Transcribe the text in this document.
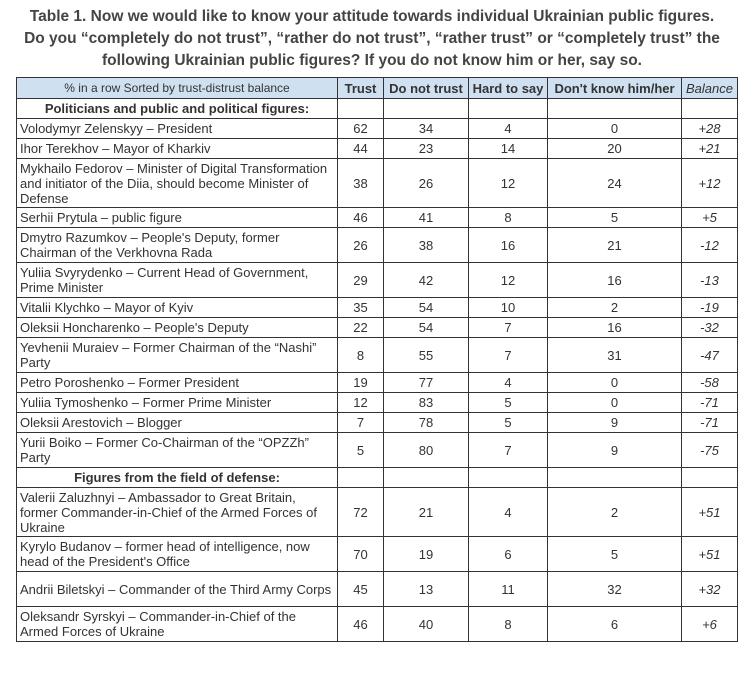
Table 1. Now we would like to know your attitude towards individual Ukrainian public figures.
Do you “completely do not trust”, “rather do not trust”, “rather trust” or “completely trust” the
following Ukrainian public figures? If you do not know him or her, say so.
% in a row Sorted by trust-distrust balance	Trust	Do not trust	Hard to say	Don't know him/her	Balance
Politicians and public and political figures:					
Volodymyr Zelenskyy – President	62	34	4	0	+28
Ihor Terekhov – Mayor of Kharkiv	44	23	14	20	+21
Mykhailo Fedorov – Minister of Digital Transformation and initiator of the Diia, should become Minister of Defense	38	26	12	24	+12
Serhii Prytula – public figure	46	41	8	5	+5
Dmytro Razumkov – People's Deputy, former Chairman of the Verkhovna Rada	26	38	16	21	-12
Yuliia Svyrydenko – Current Head of Government, Prime Minister	29	42	12	16	-13
Vitalii Klychko – Mayor of Kyiv	35	54	10	2	-19
Oleksii Honcharenko – People's Deputy	22	54	7	16	-32
Yevhenii Muraiev – Former Chairman of the “Nashi” Party	8	55	7	31	-47
Petro Poroshenko – Former President	19	77	4	0	-58
Yuliia Tymoshenko – Former Prime Minister	12	83	5	0	-71
Oleksii Arestovich – Blogger	7	78	5	9	-71
Yurii Boiko – Former Co-Chairman of the “OPZZh” Party	5	80	7	9	-75
Figures from the field of defense:					
Valerii Zaluzhnyi – Ambassador to Great Britain, former Commander-in-Chief of the Armed Forces of Ukraine	72	21	4	2	+51
Kyrylo Budanov – former head of intelligence, now head of the President's Office	70	19	6	5	+51
Andrii Biletskyi – Commander of the Third Army Corps	45	13	11	32	+32
Oleksandr Syrskyi – Commander-in-Chief of the Armed Forces of Ukraine	46	40	8	6	+6
